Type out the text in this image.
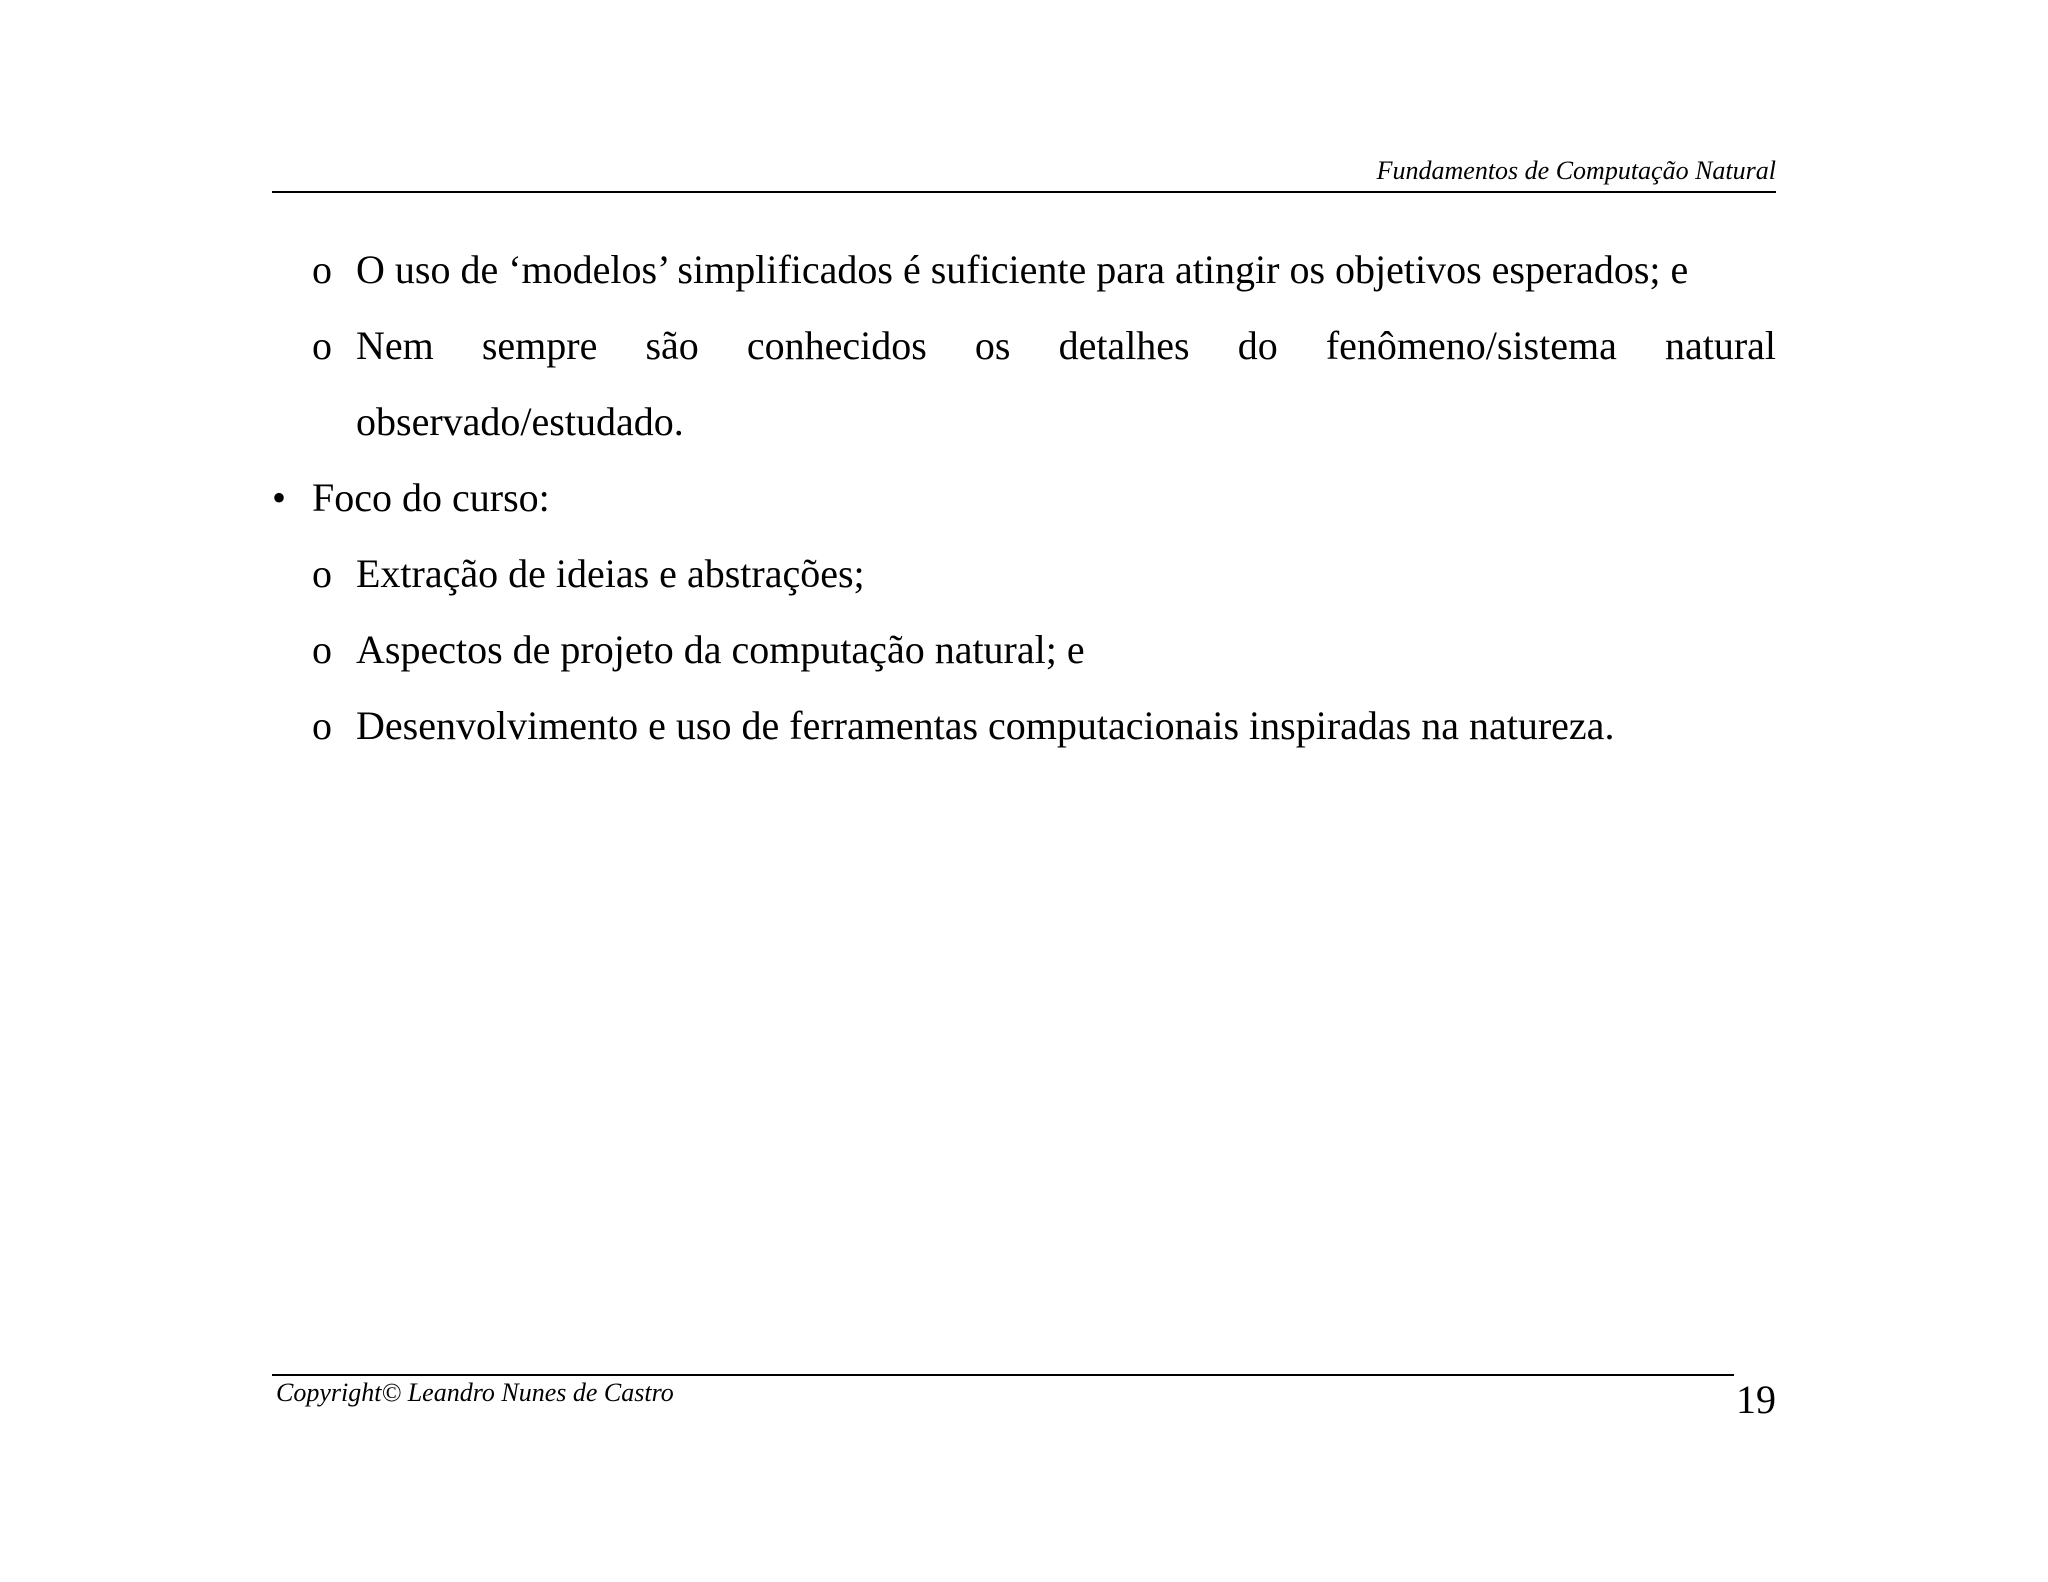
Fundamentos de Computação Natural
o O uso de ‘modelos’ simplificados é suficiente para atingir os objetivos esperados; e
o Nem sempre são conhecidos os detalhes do fenômeno/sistema natural observado/estudado.
• Foco do curso:
o Extração de ideias e abstrações;
o Aspectos de projeto da computação natural; e
o Desenvolvimento e uso de ferramentas computacionais inspiradas na natureza.
Copyright© Leandro Nunes de Castro	19
